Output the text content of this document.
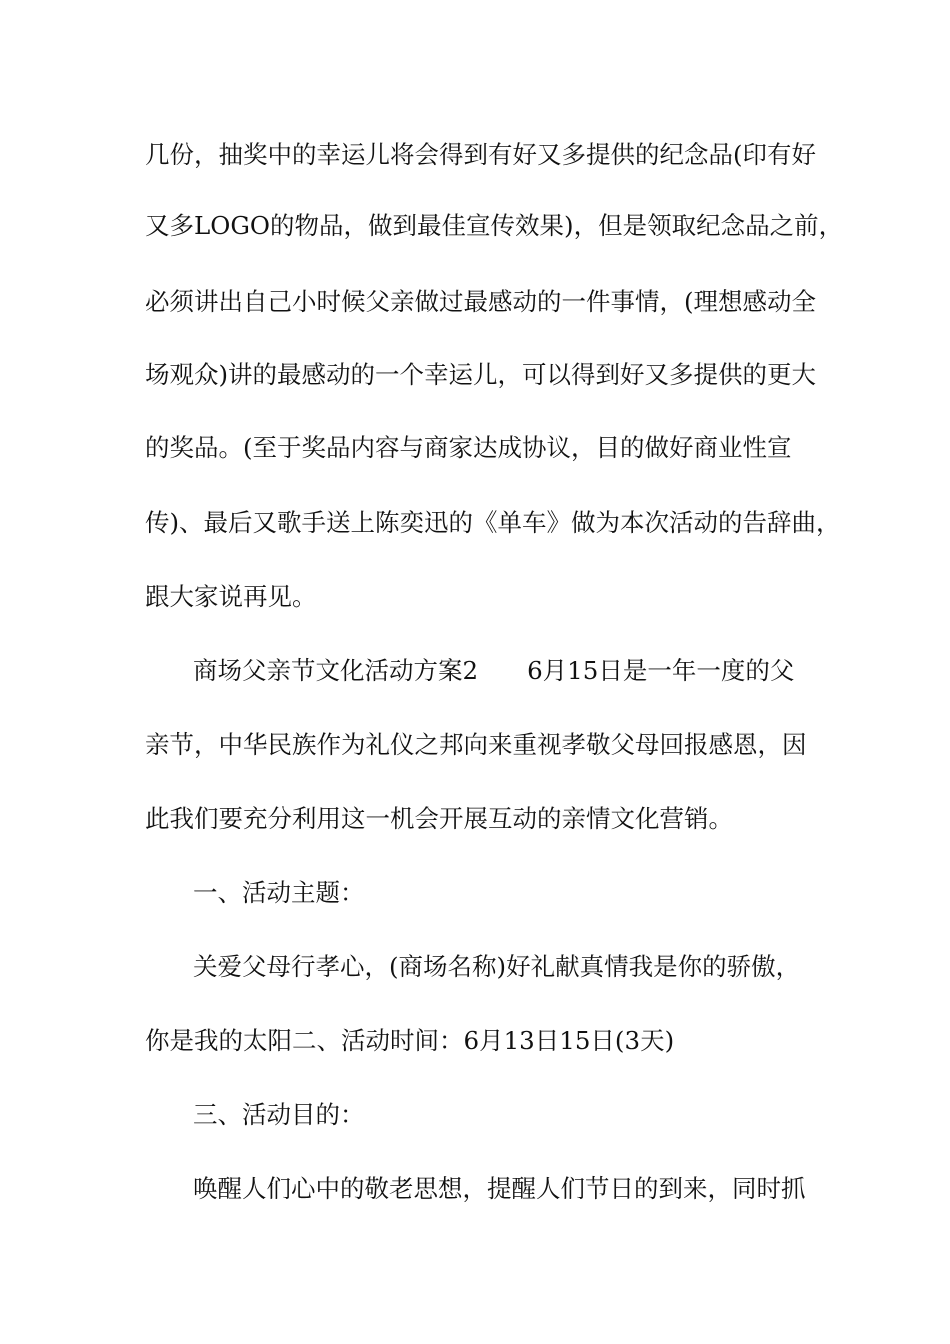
几份，抽奖中的幸运儿将会得到有好又多提供的纪念品(印有好

又多LOGO的物品，做到最佳宣传效果)，但是领取纪念品之前，

必须讲出自己小时候父亲做过最感动的一件事情，(理想感动全

场观众)讲的最感动的一个幸运儿，可以得到好又多提供的更大

的奖品。(至于奖品内容与商家达成协议，目的做好商业性宣

传)、最后又歌手送上陈奕迅的《单车》做为本次活动的告辞曲，

跟大家说再见。

商场父亲节文化活动方案2　　6月15日是一年一度的父

亲节，中华民族作为礼仪之邦向来重视孝敬父母回报感恩，因

此我们要充分利用这一机会开展互动的亲情文化营销。

一、活动主题：

关爱父母行孝心，(商场名称)好礼献真情我是你的骄傲，

你是我的太阳二、活动时间：6月13日15日(3天)

三、活动目的：

唤醒人们心中的敬老思想，提醒人们节日的到来，同时抓
